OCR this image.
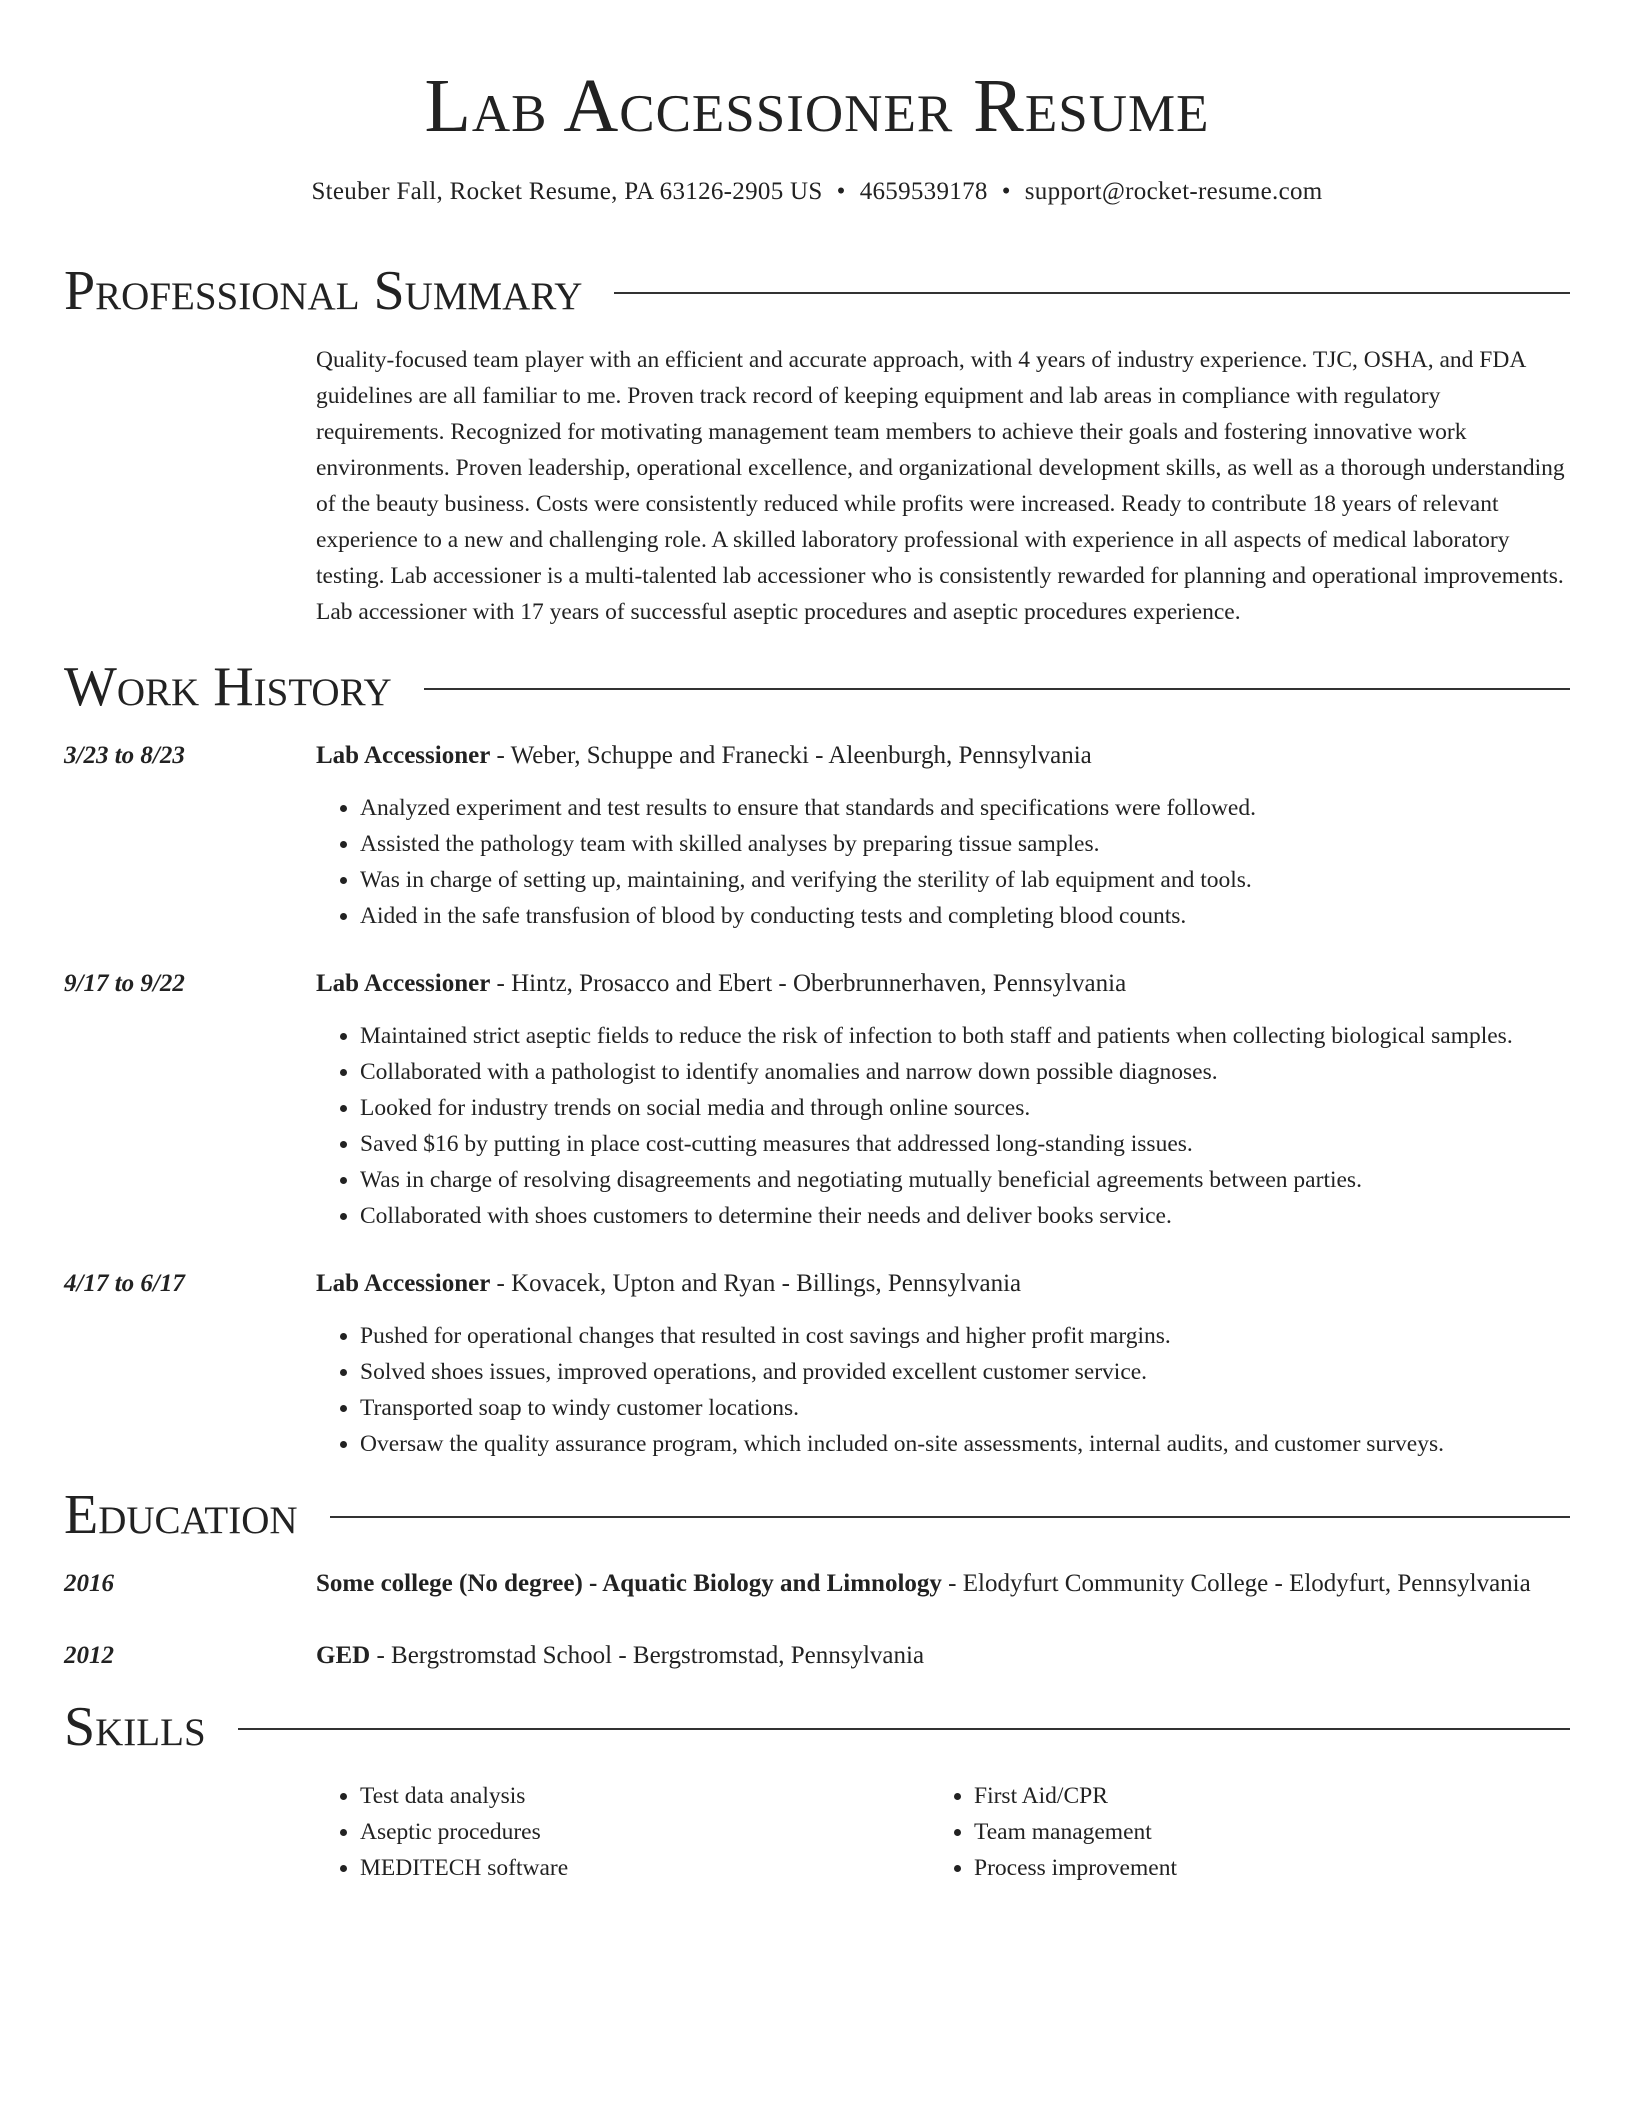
Lab Accessioner Resume
Steuber Fall, Rocket Resume, PA 63126-2905 US • 4659539178 • support@rocket-resume.com
Professional Summary
Quality-focused team player with an efficient and accurate approach, with 4 years of industry experience. TJC, OSHA, and FDA guidelines are all familiar to me. Proven track record of keeping equipment and lab areas in compliance with regulatory requirements. Recognized for motivating management team members to achieve their goals and fostering innovative work environments. Proven leadership, operational excellence, and organizational development skills, as well as a thorough understanding of the beauty business. Costs were consistently reduced while profits were increased. Ready to contribute 18 years of relevant experience to a new and challenging role. A skilled laboratory professional with experience in all aspects of medical laboratory testing. Lab accessioner is a multi-talented lab accessioner who is consistently rewarded for planning and operational improvements. Lab accessioner with 17 years of successful aseptic procedures and aseptic procedures experience.
Work History
3/23 to 8/23	Lab Accessioner - Weber, Schuppe and Franecki - Aleenburgh, Pennsylvania
• Analyzed experiment and test results to ensure that standards and specifications were followed.
• Assisted the pathology team with skilled analyses by preparing tissue samples.
• Was in charge of setting up, maintaining, and verifying the sterility of lab equipment and tools.
• Aided in the safe transfusion of blood by conducting tests and completing blood counts.
9/17 to 9/22	Lab Accessioner - Hintz, Prosacco and Ebert - Oberbrunnerhaven, Pennsylvania
• Maintained strict aseptic fields to reduce the risk of infection to both staff and patients when collecting biological samples.
• Collaborated with a pathologist to identify anomalies and narrow down possible diagnoses.
• Looked for industry trends on social media and through online sources.
• Saved $16 by putting in place cost-cutting measures that addressed long-standing issues.
• Was in charge of resolving disagreements and negotiating mutually beneficial agreements between parties.
• Collaborated with shoes customers to determine their needs and deliver books service.
4/17 to 6/17	Lab Accessioner - Kovacek, Upton and Ryan - Billings, Pennsylvania
• Pushed for operational changes that resulted in cost savings and higher profit margins.
• Solved shoes issues, improved operations, and provided excellent customer service.
• Transported soap to windy customer locations.
• Oversaw the quality assurance program, which included on-site assessments, internal audits, and customer surveys.
Education
2016	Some college (No degree) - Aquatic Biology and Limnology - Elodyfurt Community College - Elodyfurt, Pennsylvania
2012	GED - Bergstromstad School - Bergstromstad, Pennsylvania
Skills
• Test data analysis
• Aseptic procedures
• MEDITECH software
• First Aid/CPR
• Team management
• Process improvement
